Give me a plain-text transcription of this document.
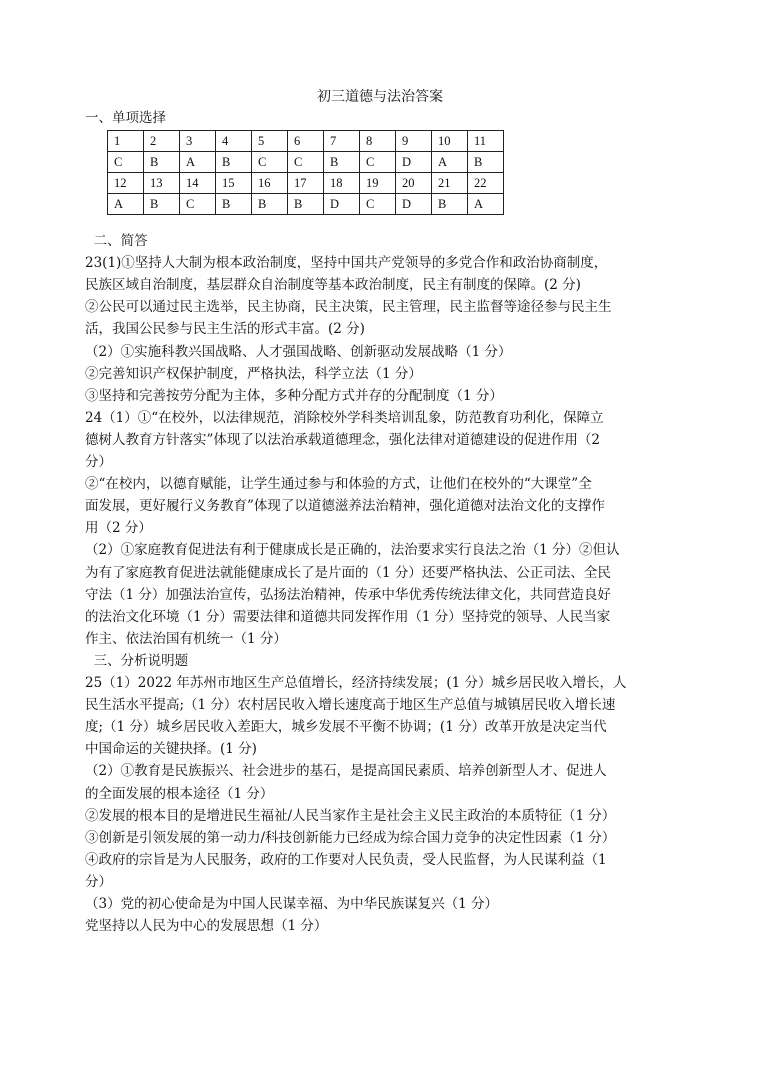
初三道德与法治答案
一、单项选择
1	2	3	4	5	6	7	8	9	10	11
C	B	A	B	C	C	B	C	D	A	B
12	13	14	15	16	17	18	19	20	21	22
A	B	C	B	B	B	D	C	D	B	A
二、简答
23(1)①坚持人大制为根本政治制度，坚持中国共产党领导的多党合作和政治协商制度，
民族区域自治制度，基层群众自治制度等基本政治制度，民主有制度的保障。(2 分)
②公民可以通过民主选举，民主协商，民主决策，民主管理，民主监督等途径参与民主生
活，我国公民参与民主生活的形式丰富。(2 分)
（2）①实施科教兴国战略、人才强国战略、创新驱动发展战略（1 分）
②完善知识产权保护制度，严格执法，科学立法（1 分）
③坚持和完善按劳分配为主体，多种分配方式并存的分配制度（1 分）
24（1）①“在校外，以法律规范，消除校外学科类培训乱象，防范教育功利化，保障立
德树人教育方针落实”体现了以法治承载道德理念，强化法律对道德建设的促进作用（2
分）
②“在校内，以德育赋能，让学生通过参与和体验的方式，让他们在校外的“大课堂”全
面发展，更好履行义务教育”体现了以道德滋养法治精神，强化道德对法治文化的支撑作
用（2 分）
（2）①家庭教育促进法有利于健康成长是正确的，法治要求实行良法之治（1 分）②但认
为有了家庭教育促进法就能健康成长了是片面的（1 分）还要严格执法、公正司法、全民
守法（1 分）加强法治宣传，弘扬法治精神，传承中华优秀传统法律文化，共同营造良好
的法治文化环境（1 分）需要法律和道德共同发挥作用（1 分）坚持党的领导、人民当家
作主、依法治国有机统一（1 分）
三、分析说明题
25（1）2022 年苏州市地区生产总值增长，经济持续发展；(1 分）城乡居民收入增长，人
民生活水平提高;（1 分）农村居民收入增长速度高于地区生产总值与城镇居民收入增长速
度;（1 分）城乡居民收入差距大，城乡发展不平衡不协调；(1 分）改革开放是决定当代
中国命运的关键抉择。(1 分)
（2）①教育是民族振兴、社会进步的基石，是提高国民素质、培养创新型人才、促进人
的全面发展的根本途径（1 分）
②发展的根本目的是增进民生福祉/人民当家作主是社会主义民主政治的本质特征（1 分）
③创新是引领发展的第一动力/科技创新能力已经成为综合国力竞争的决定性因素（1 分）
④政府的宗旨是为人民服务，政府的工作要对人民负责，受人民监督，为人民谋利益（1
分）
（3）党的初心使命是为中国人民谋幸福、为中华民族谋复兴（1 分）
党坚持以人民为中心的发展思想（1 分）
